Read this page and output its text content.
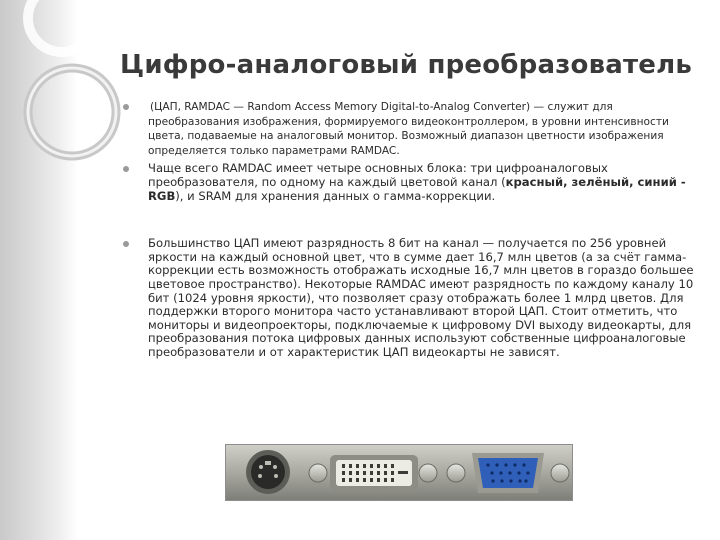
Цифро-аналоговый преобразователь
(ЦАП, RAMDAC — Random Access Memory Digital-to-Analog Converter) — служит для преобразования изображения, формируемого видеоконтроллером, в уровни интенсивности цвета, подаваемые на аналоговый монитор. Возможный диапазон цветности изображения определяется только параметрами RAMDAC.
Чаще всего RAMDAC имеет четыре основных блока: три цифроаналоговых преобразователя, по одному на каждый цветовой канал (красный, зелёный, синий - RGB), и SRAM для хранения данных о гамма-коррекции.
Большинство ЦАП имеют разрядность 8 бит на канал — получается по 256 уровней яркости на каждый основной цвет, что в сумме дает 16,7 млн цветов (а за счёт гамма-коррекции есть возможность отображать исходные 16,7 млн цветов в гораздо большее цветовое пространство). Некоторые RAMDAC имеют разрядность по каждому каналу 10 бит (1024 уровня яркости), что позволяет сразу отображать более 1 млрд цветов. Для поддержки второго монитора часто устанавливают второй ЦАП. Стоит отметить, что мониторы и видеопроекторы, подключаемые к цифровому DVI выходу видеокарты, для преобразования потока цифровых данных используют собственные цифроаналоговые преобразователи и от характеристик ЦАП видеокарты не зависят.
